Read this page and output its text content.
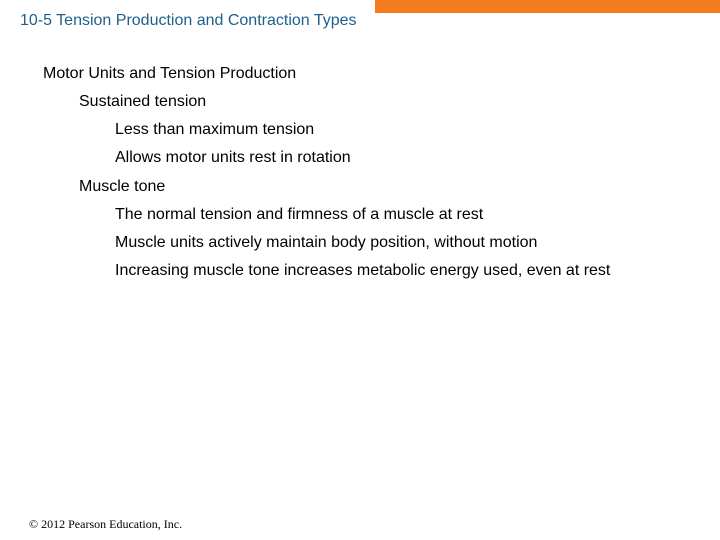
10-5 Tension Production and Contraction Types
Motor Units and Tension Production
Sustained tension
Less than maximum tension
Allows motor units rest in rotation
Muscle tone
The normal tension and firmness of a muscle at rest
Muscle units actively maintain body position, without motion
Increasing muscle tone increases metabolic energy used, even at rest
© 2012 Pearson Education, Inc.
